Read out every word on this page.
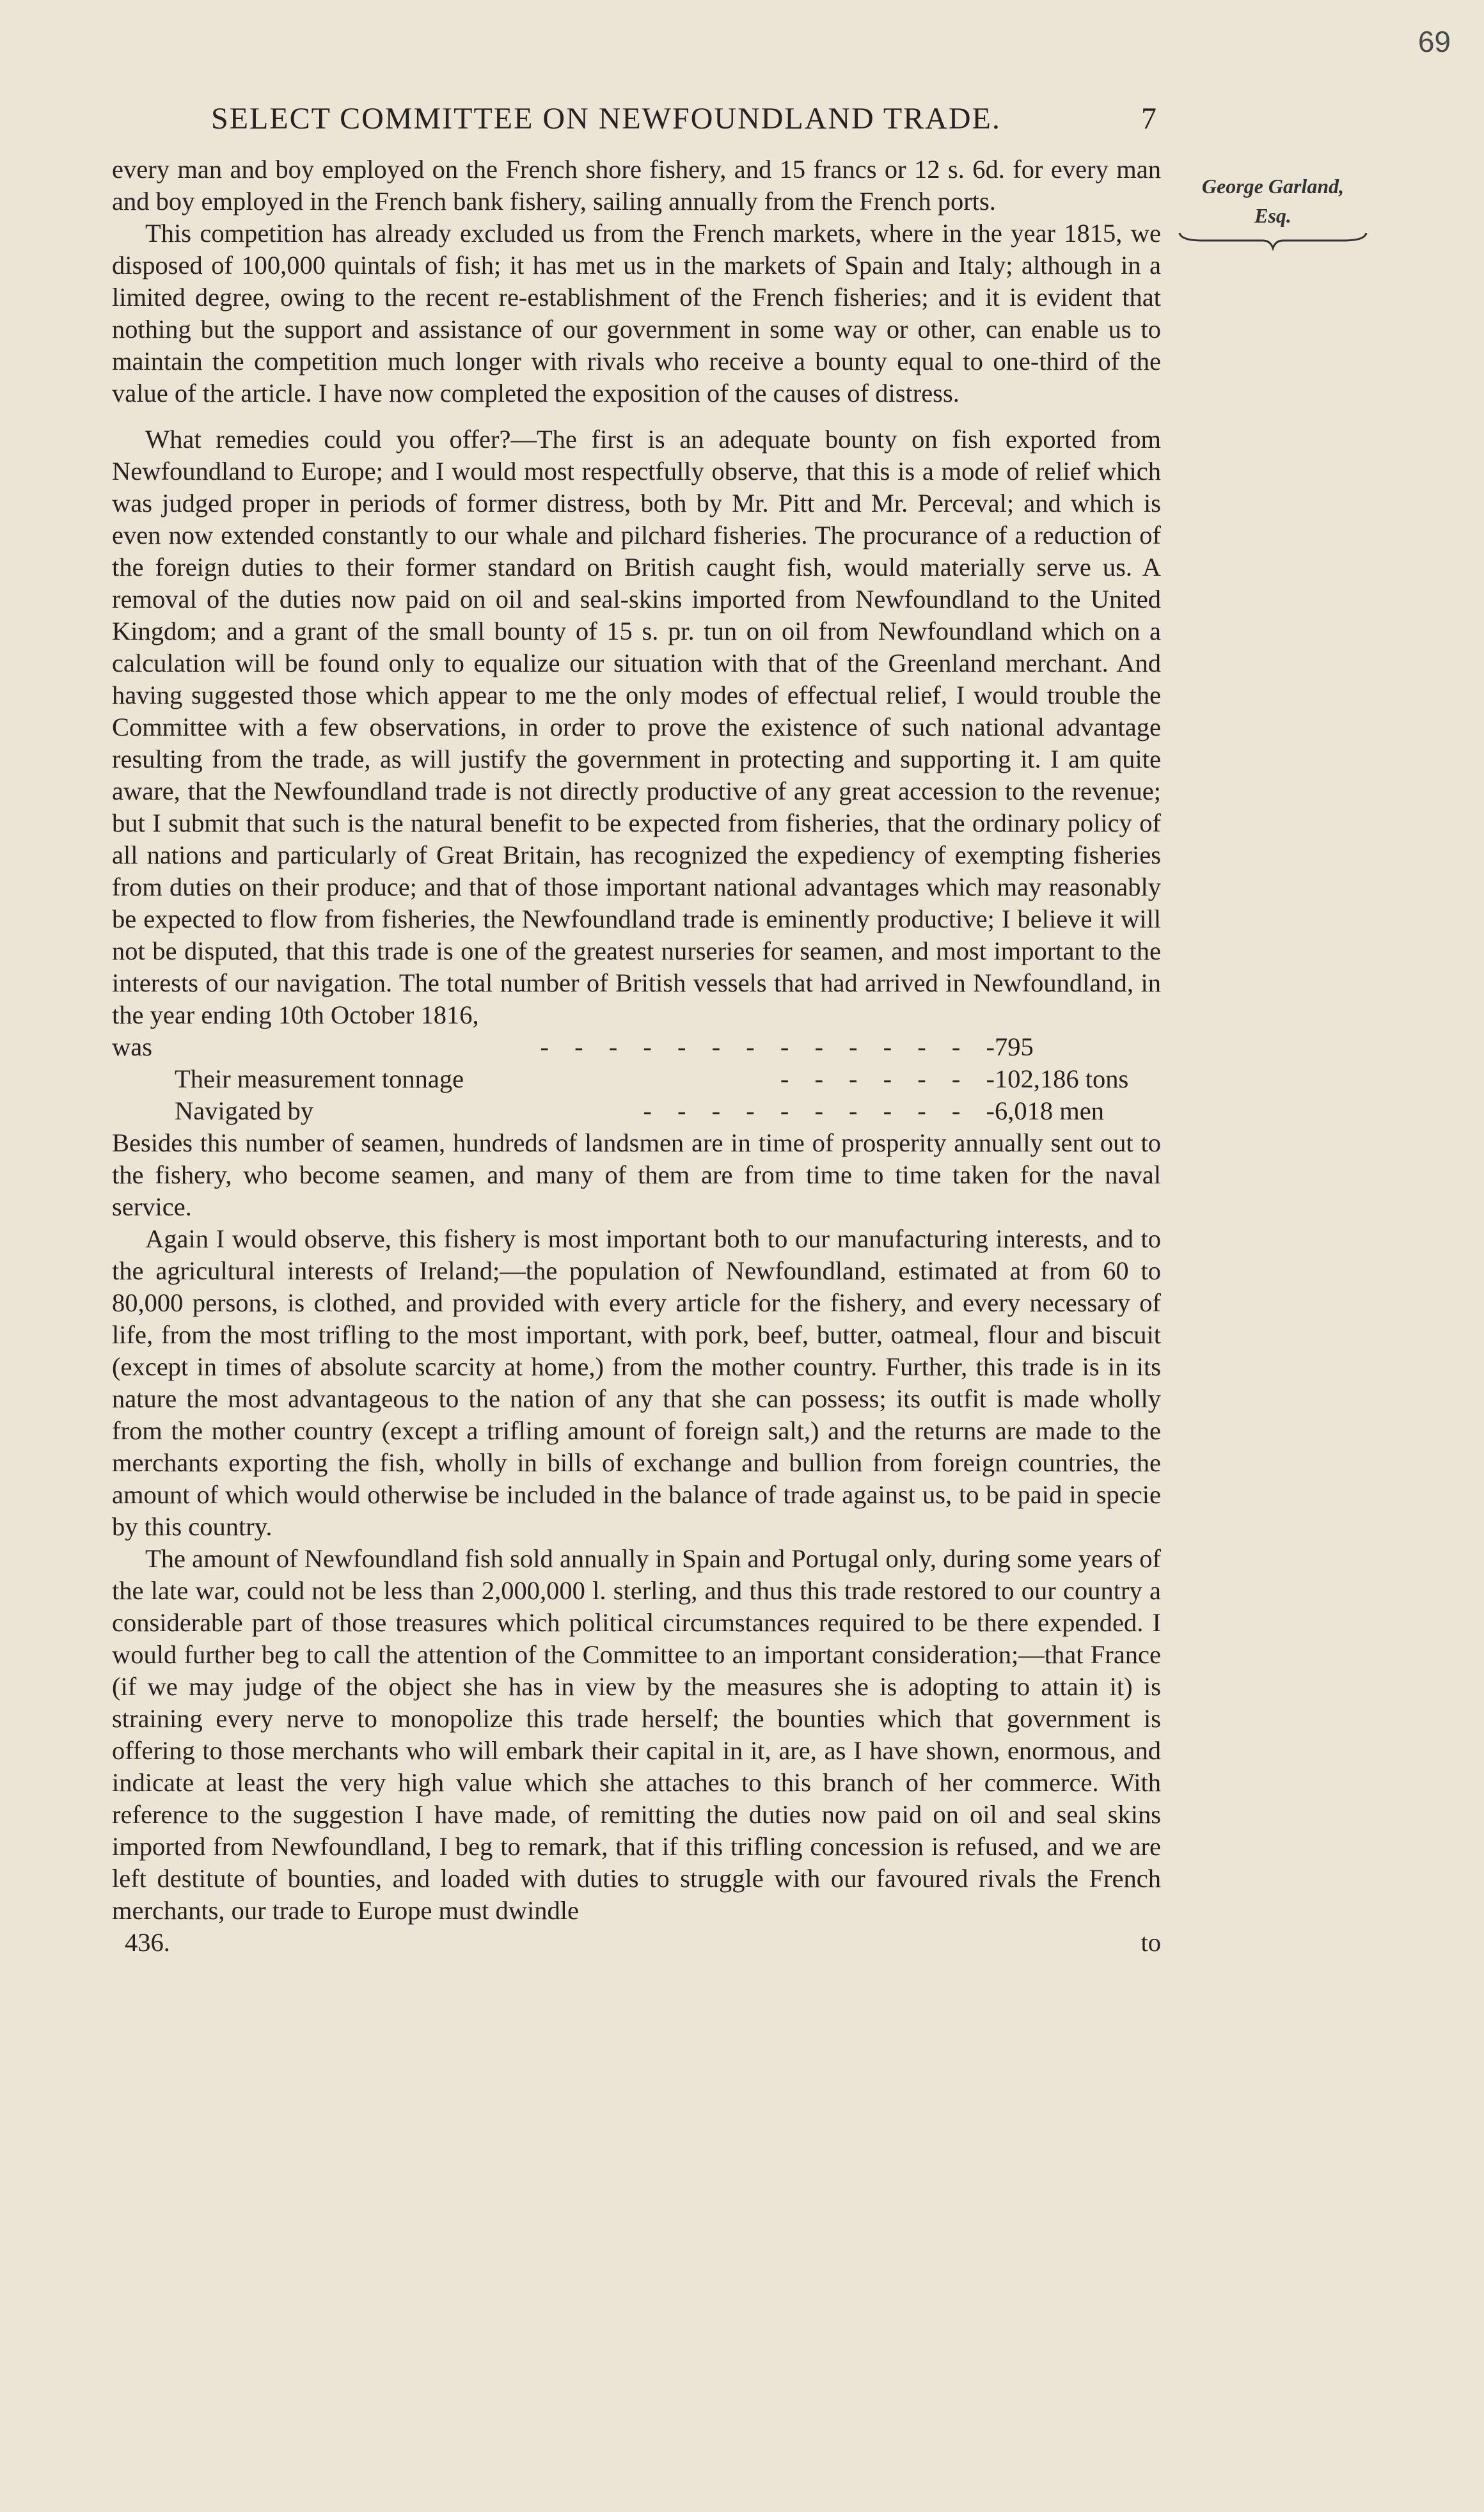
69
SELECT COMMITTEE ON NEWFOUNDLAND TRADE.	7
George Garland,
Esq.

every man and boy employed on the French shore fishery, and 15 francs or 12 s. 6d. for every man and boy employed in the French bank fishery, sailing annually from the French ports.

This competition has already excluded us from the French markets, where in the year 1815, we disposed of 100,000 quintals of fish; it has met us in the markets of Spain and Italy; although in a limited degree, owing to the recent re-establishment of the French fisheries; and it is evident that nothing but the support and assistance of our government in some way or other, can enable us to maintain the competition much longer with rivals who receive a bounty equal to one-third of the value of the article. I have now completed the exposition of the causes of distress.

What remedies could you offer?—The first is an adequate bounty on fish exported from Newfoundland to Europe; and I would most respectfully observe, that this is a mode of relief which was judged proper in periods of former distress, both by Mr. Pitt and Mr. Perceval; and which is even now extended constantly to our whale and pilchard fisheries. The procurance of a reduction of the foreign duties to their former standard on British caught fish, would materially serve us. A removal of the duties now paid on oil and seal-skins imported from Newfoundland to the United Kingdom; and a grant of the small bounty of 15 s. pr. tun on oil from Newfoundland which on a calculation will be found only to equalize our situation with that of the Greenland merchant. And having suggested those which appear to me the only modes of effectual relief, I would trouble the Committee with a few observations, in order to prove the existence of such national advantage resulting from the trade, as will justify the government in protecting and supporting it. I am quite aware, that the Newfoundland trade is not directly productive of any great accession to the revenue; but I submit that such is the natural benefit to be expected from fisheries, that the ordinary policy of all nations and particularly of Great Britain, has recognized the expediency of exempting fisheries from duties on their produce; and that of those important national advantages which may reasonably be expected to flow from fisheries, the Newfoundland trade is eminently productive; I believe it will not be disputed, that this trade is one of the greatest nurseries for seamen, and most important to the interests of our navigation. The total number of British vessels that had arrived in Newfoundland, in the year ending 10th October 1816,

- - - - - - - - - - - - - -
was	795
- - - - - - -
Their measurement tonnage	102,186 tons
- - - - - - - - - - -
Navigated by	6,018 men

Besides this number of seamen, hundreds of landsmen are in time of prosperity annually sent out to the fishery, who become seamen, and many of them are from time to time taken for the naval service.

Again I would observe, this fishery is most important both to our manufacturing interests, and to the agricultural interests of Ireland;—the population of Newfoundland, estimated at from 60 to 80,000 persons, is clothed, and provided with every article for the fishery, and every necessary of life, from the most trifling to the most important, with pork, beef, butter, oatmeal, flour and biscuit (except in times of absolute scarcity at home,) from the mother country. Further, this trade is in its nature the most advantageous to the nation of any that she can possess; its outfit is made wholly from the mother country (except a trifling amount of foreign salt,) and the returns are made to the merchants exporting the fish, wholly in bills of exchange and bullion from foreign countries, the amount of which would otherwise be included in the balance of trade against us, to be paid in specie by this country.

The amount of Newfoundland fish sold annually in Spain and Portugal only, during some years of the late war, could not be less than 2,000,000 l. sterling, and thus this trade restored to our country a considerable part of those treasures which political circumstances required to be there expended. I would further beg to call the attention of the Committee to an important consideration;—that France (if we may judge of the object she has in view by the measures she is adopting to attain it) is straining every nerve to monopolize this trade herself; the bounties which that government is offering to those merchants who will embark their capital in it, are, as I have shown, enormous, and indicate at least the very high value which she attaches to this branch of her commerce. With reference to the suggestion I have made, of remitting the duties now paid on oil and seal skins imported from Newfoundland, I beg to remark, that if this trifling concession is refused, and we are left destitute of bounties, and loaded with duties to struggle with our favoured rivals the French merchants, our trade to Europe must dwindle

436.	to
